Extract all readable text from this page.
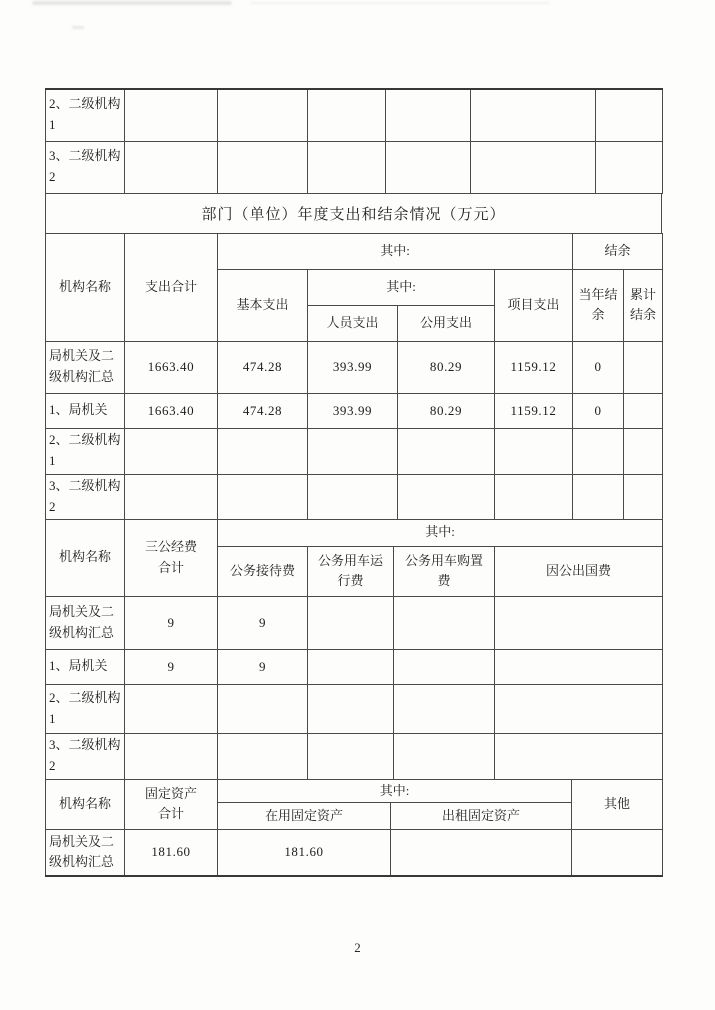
2、二级机构1						
3、二级机构2						
部门（单位）年度支出和结余情况（万元）
机构名称	支出合计	其中:				结余	
		基本支出	其中:		项目支出	当年结余	累计结余
			人员支出	公用支出			
局机关及二级机构汇总	1663.40	474.28	393.99	80.29	1159.12	0	
1、局机关	1663.40	474.28	393.99	80.29	1159.12	0	
2、二级机构1							
3、二级机构2							
机构名称	三公经费合计	其中:			
		公务接待费	公务用车运行费	公务用车购置费	因公出国费
局机关及二级机构汇总	9	9			
1、局机关	9	9			
2、二级机构1					
3、二级机构2					
机构名称	固定资产合计	其中:		其他
		在用固定资产	出租固定资产	
局机关及二级机构汇总	181.60	181.60		
2
